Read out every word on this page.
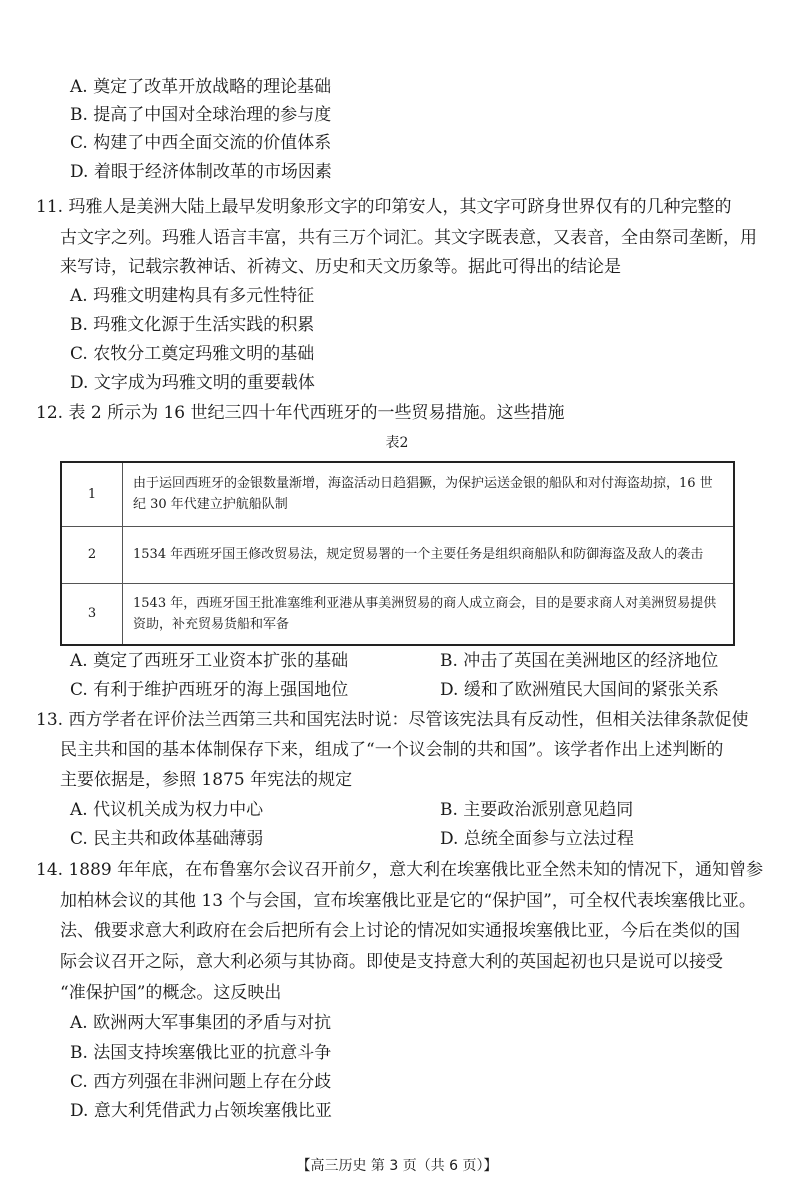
A. 奠定了改革开放战略的理论基础
B. 提高了中国对全球治理的参与度
C. 构建了中西全面交流的价值体系
D. 着眼于经济体制改革的市场因素
11. 玛雅人是美洲大陆上最早发明象形文字的印第安人，其文字可跻身世界仅有的几种完整的
古文字之列。玛雅人语言丰富，共有三万个词汇。其文字既表意，又表音，全由祭司垄断，用
来写诗，记载宗教神话、祈祷文、历史和天文历象等。据此可得出的结论是
A. 玛雅文明建构具有多元性特征
B. 玛雅文化源于生活实践的积累
C. 农牧分工奠定玛雅文明的基础
D. 文字成为玛雅文明的重要载体
12. 表 2 所示为 16 世纪三四十年代西班牙的一些贸易措施。这些措施
表2
1	由于运回西班牙的金银数量渐增，海盗活动日趋猖獗，为保护运送金银的船队和对付海盗劫掠，16 世纪 30 年代建立护航船队制
2	1534 年西班牙国王修改贸易法，规定贸易署的一个主要任务是组织商船队和防御海盗及敌人的袭击
3	1543 年，西班牙国王批准塞维利亚港从事美洲贸易的商人成立商会，目的是要求商人对美洲贸易提供资助，补充贸易货船和军备
A. 奠定了西班牙工业资本扩张的基础	B. 冲击了英国在美洲地区的经济地位
C. 有利于维护西班牙的海上强国地位	D. 缓和了欧洲殖民大国间的紧张关系
13. 西方学者在评价法兰西第三共和国宪法时说：尽管该宪法具有反动性，但相关法律条款促使
民主共和国的基本体制保存下来，组成了“一个议会制的共和国”。该学者作出上述判断的
主要依据是，参照 1875 年宪法的规定
A. 代议机关成为权力中心	B. 主要政治派别意见趋同
C. 民主共和政体基础薄弱	D. 总统全面参与立法过程
14. 1889 年年底，在布鲁塞尔会议召开前夕，意大利在埃塞俄比亚全然未知的情况下，通知曾参
加柏林会议的其他 13 个与会国，宣布埃塞俄比亚是它的“保护国”，可全权代表埃塞俄比亚。
法、俄要求意大利政府在会后把所有会上讨论的情况如实通报埃塞俄比亚，今后在类似的国
际会议召开之际，意大利必须与其协商。即使是支持意大利的英国起初也只是说可以接受
“准保护国”的概念。这反映出
A. 欧洲两大军事集团的矛盾与对抗
B. 法国支持埃塞俄比亚的抗意斗争
C. 西方列强在非洲问题上存在分歧
D. 意大利凭借武力占领埃塞俄比亚
【高三历史 第 3 页（共 6 页）】
